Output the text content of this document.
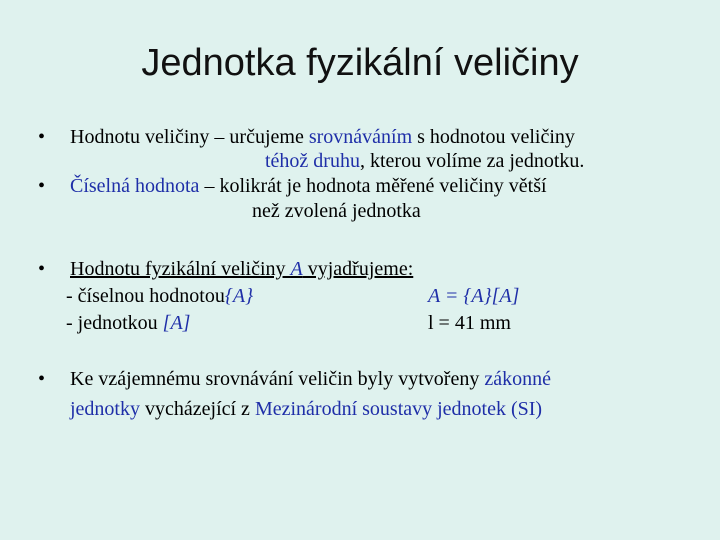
Jednotka fyzikální veličiny
• Hodnotu veličiny – určujeme srovnáváním s hodnotou veličiny
téhož druhu, kterou volíme za jednotku.
• Číselná hodnota – kolikrát je hodnota měřené veličiny větší
než zvolená jednotka
• Hodnotu fyzikální veličiny A vyjadřujeme:
- číselnou hodnotou{A}	A = {A}[A]
- jednotkou [A]	l = 41 mm
• Ke vzájemnému srovnávání veličin byly vytvořeny zákonné
jednotky vycházející z Mezinárodní soustavy jednotek (SI)
